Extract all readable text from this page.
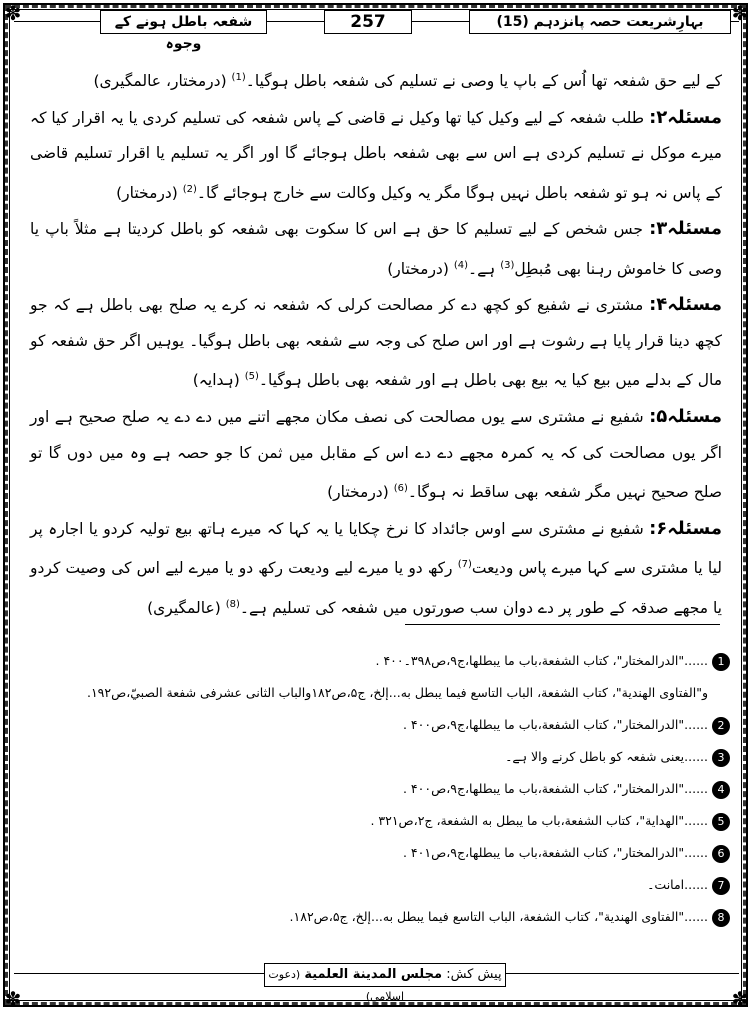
✽	✽
✽	✽
شفعہ باطل ہونے کے وجوہ
257	بہارِشریعت حصہ پانزدہم (15)

کے لیے حق شفعہ تھا اُس کے باپ یا وصی نے تسلیم کی شفعہ باطل ہوگیا۔$^{(1)}$ (درمختار، عالمگیری)

مسئلہ۲: طلب شفعہ کے لیے وکیل کیا تھا وکیل نے قاضی کے پاس شفعہ کی تسلیم کردی یا یہ اقرار کیا کہ میرے موکل نے تسلیم کردی ہے اس سے بھی شفعہ باطل ہوجائے گا اور اگر یہ تسلیم یا اقرار تسلیم قاضی کے پاس نہ ہو تو شفعہ باطل نہیں ہوگا مگر یہ وکیل وکالت سے خارج ہوجائے گا۔$^{(2)}$ (درمختار)

مسئلہ۳: جس شخص کے لیے تسلیم کا حق ہے اس کا سکوت بھی شفعہ کو باطل کردیتا ہے مثلاً باپ یا وصی کا خاموش رہنا بھی مُبطِل$^{(3)}$ ہے۔$^{(4)}$ (درمختار)

مسئلہ۴: مشتری نے شفیع کو کچھ دے کر مصالحت کرلی کہ شفعہ نہ کرے یہ صلح بھی باطل ہے کہ جو کچھ دینا قرار پایا ہے رشوت ہے اور اس صلح کی وجہ سے شفعہ بھی باطل ہوگیا۔ یوہیں اگر حق شفعہ کو مال کے بدلے میں بیع کیا یہ بیع بھی باطل ہے اور شفعہ بھی باطل ہوگیا۔$^{(5)}$ (ہدایہ)

مسئلہ۵: شفیع نے مشتری سے یوں مصالحت کی نصف مکان مجھے اتنے میں دے دے یہ صلح صحیح ہے اور اگر یوں مصالحت کی کہ یہ کمرہ مجھے دے دے اس کے مقابل میں ثمن کا جو حصہ ہے وہ میں دوں گا تو صلح صحیح نہیں مگر شفعہ بھی ساقط نہ ہوگا۔$^{(6)}$ (درمختار)

مسئلہ۶: شفیع نے مشتری سے اوس جائداد کا نرخ چکایا یا یہ کہا کہ میرے ہاتھ بیع تولیہ کردو یا اجارہ پر لیا یا مشتری سے کہا میرے پاس ودیعت$^{(7)}$ رکھ دو یا میرے لیے ودیعت رکھ دو یا میرے لیے اس کی وصیت کردو یا مجھے صدقہ کے طور پر دے دوان سب صورتوں میں شفعہ کی تسلیم ہے۔$^{(8)}$ (عالمگیری)

1......"الدرالمختار"، کتاب الشفعة،باب ما یبطلھا،ج۹،ص۳۹۸۔۴۰۰ .
و"الفتاوی الھندیة"، کتاب الشفعة، الباب التاسع فیما یبطل به...إلخ، ج۵،ص۱۸۲والباب الثانی عشرفی شفعة الصبيّ،ص۱۹۲.
2......"الدرالمختار"، کتاب الشفعة،باب ما یبطلھا،ج۹،ص۴۰۰ .
3......یعنی شفعہ کو باطل کرنے والا ہے۔
4......"الدرالمختار"، کتاب الشفعة،باب ما یبطلھا،ج۹،ص۴۰۰ .
5......"الھدایة"، کتاب الشفعة،باب ما یبطل به الشفعة، ج۲،ص۳۲۱ .
6......"الدرالمختار"، کتاب الشفعة،باب ما یبطلھا،ج۹،ص۴۰۱ .
7......امانت۔
8......"الفتاوی الھندیة"، کتاب الشفعة، الباب التاسع فیما یبطل به...إلخ، ج۵،ص۱۸۲.
پیش کش: مجلس المدینة العلمیة (دعوت اسلامی)
